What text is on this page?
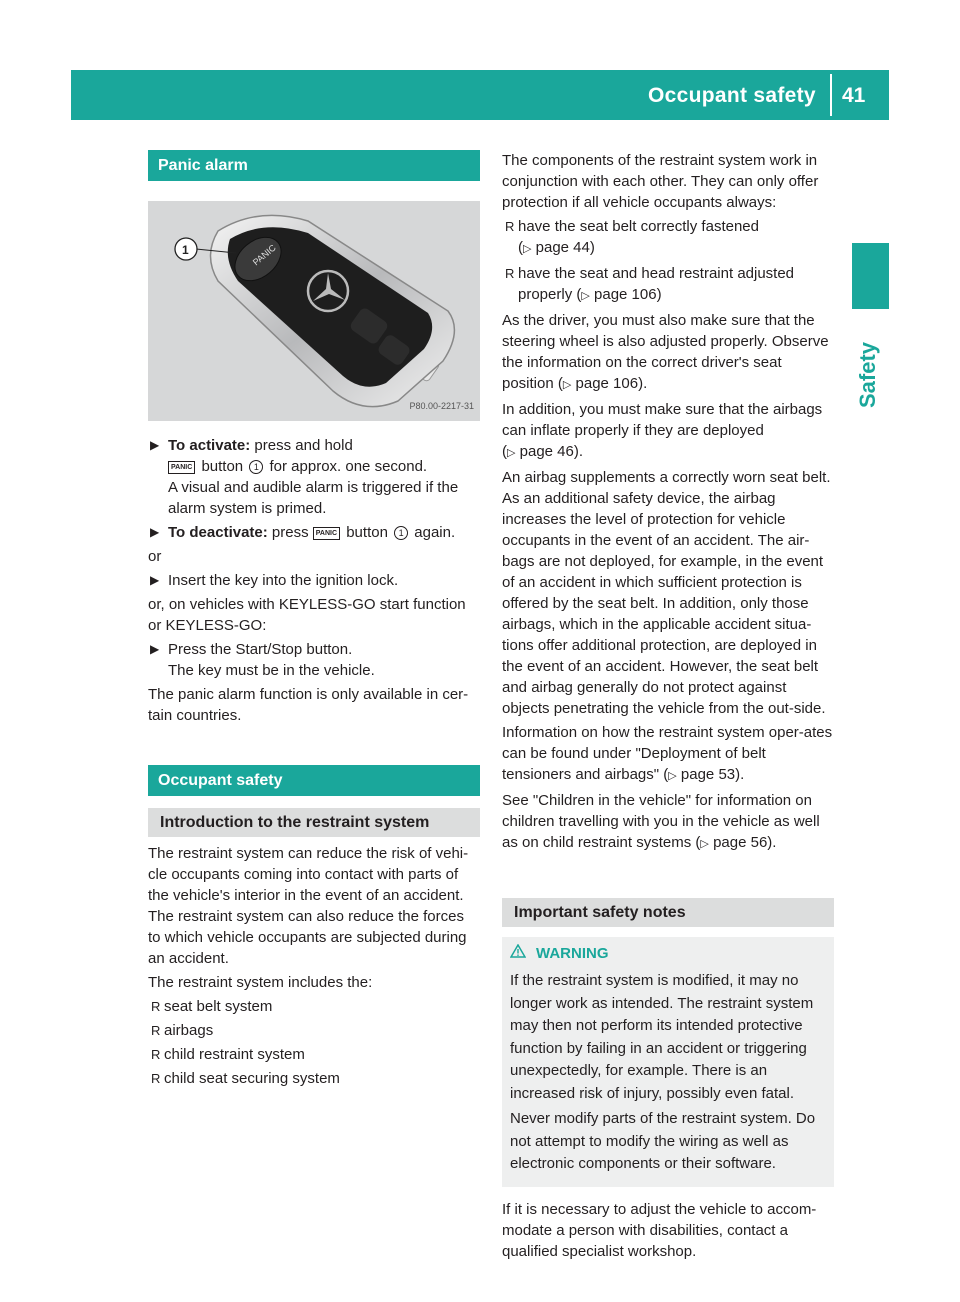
Occupant safety 41
Safety
Panic alarm
PANIC
1
P80.00-2217-31

▶ To activate: press and hold
PANIC button 1 for approx. one second.
A visual and audible alarm is triggered if the alarm system is primed.

▶ To deactivate: press PANIC button 1 again.

or

▶ Insert the key into the ignition lock.

or, on vehicles with KEYLESS-GO start function or KEYLESS-GO:

▶ Press the Start/Stop button.
The key must be in the vehicle.

The panic alarm function is only available in cer-tain countries.

Occupant safety
Introduction to the restraint system

The restraint system can reduce the risk of vehi-cle occupants coming into contact with parts of the vehicle's interior in the event of an accident. The restraint system can also reduce the forces to which vehicle occupants are subjected during an accident.

The restraint system includes the:

R seat belt system

R airbags

R child restraint system

R child seat securing system

The components of the restraint system work in conjunction with each other. They can only offer protection if all vehicle occupants always:

R have the seat belt correctly fastened
(▷ page 44)

R have the seat and head restraint adjusted properly (▷ page 106)

As the driver, you must also make sure that the steering wheel is also adjusted properly. Observe the information on the correct driver's seat position (▷ page 106).

In addition, you must make sure that the airbags can inflate properly if they are deployed
(▷ page 46).

An airbag supplements a correctly worn seat belt. As an additional safety device, the airbag increases the level of protection for vehicle occupants in the event of an accident. The air-bags are not deployed, for example, in the event of an accident in which sufficient protection is offered by the seat belt. In addition, only those airbags, which in the applicable accident situa-tions offer additional protection, are deployed in the event of an accident. However, the seat belt and airbag generally do not protect against objects penetrating the vehicle from the out-side.

Information on how the restraint system oper-ates can be found under "Deployment of belt tensioners and airbags" (▷ page 53).

See "Children in the vehicle" for information on children travelling with you in the vehicle as well as on child restraint systems (▷ page 56).

Important safety notes
WARNING

If the restraint system is modified, it may no longer work as intended. The restraint system may then not perform its intended protective function by failing in an accident or triggering unexpectedly, for example. There is an increased risk of injury, possibly even fatal.

Never modify parts of the restraint system. Do not attempt to modify the wiring as well as electronic components or their software.

If it is necessary to adjust the vehicle to accom-modate a person with disabilities, contact a qualified specialist workshop.
